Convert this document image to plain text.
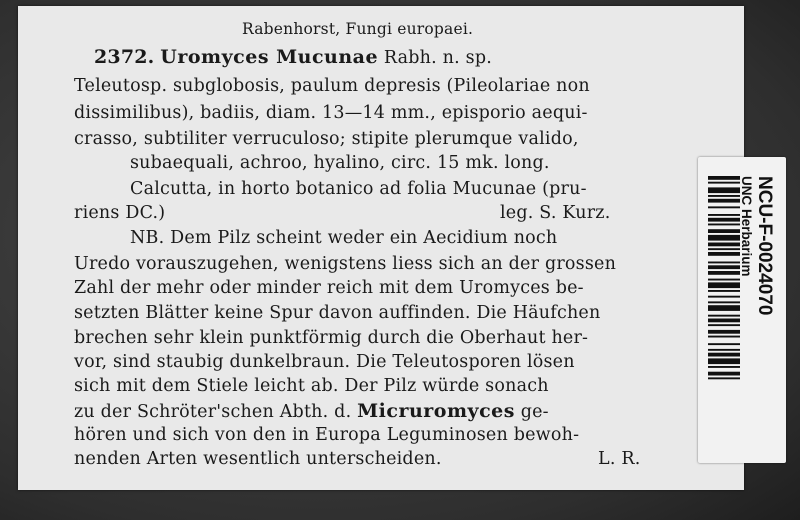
Rabenhorst, Fungi europaei.
2372. Uromyces Mucunae Rabh. n. sp.
Teleutosp. subglobosis, paulum depresis (Pileolariae non
dissimilibus), badiis, diam. 13—14 mm., episporio aequi-
crasso, subtiliter verruculoso; stipite plerumque valido,
subaequali, achroo, hyalino, circ. 15 mk. long.
Calcutta, in horto botanico ad folia Mucunae (pru-
riens DC.)	leg. S. Kurz.
NB. Dem Pilz scheint weder ein Aecidium noch
Uredo vorauszugehen, wenigstens liess sich an der grossen
Zahl der mehr oder minder reich mit dem Uromyces be-
setzten Blätter keine Spur davon auffinden. Die Häufchen
brechen sehr klein punktförmig durch die Oberhaut her-
vor, sind staubig dunkelbraun. Die Teleutosporen lösen
sich mit dem Stiele leicht ab. Der Pilz würde sonach
zu der Schröter'schen Abth. d. Micruromyces ge-
hören und sich von den in Europa Leguminosen bewoh-
nenden Arten wesentlich unterscheiden.	L. R.
UNC Herbarium NCU-F-0024070
